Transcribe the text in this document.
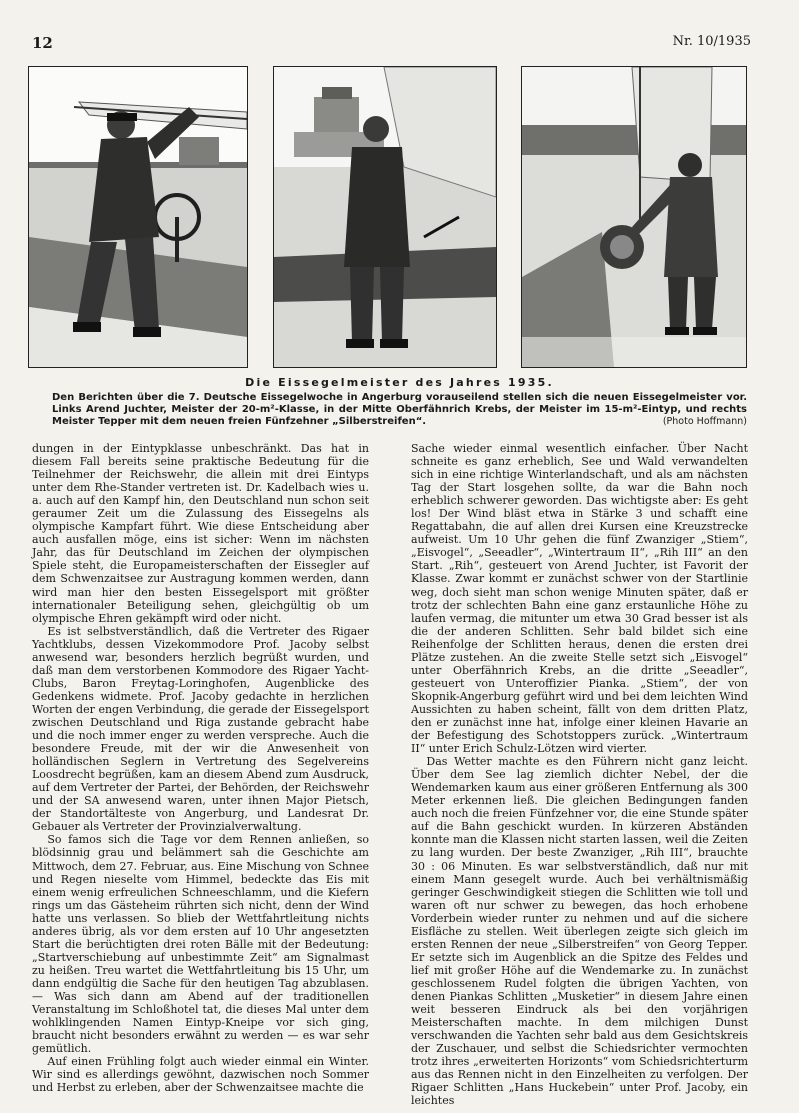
12	Nr. 10/1935
Die Eissegelmeister des Jahres 1935.
Den Berichten über die 7. Deutsche Eissegelwoche in Angerburg vorauseilend stellen sich die neuen Eissegelmeister vor. Links Arend Juchter, Meister der 20-m²-Klasse, in der Mitte Oberfähnrich Krebs, der Meister im 15-m²-Eintyp, und rechts Meister Tepper mit dem neuen freien Fünfzehner „Silberstreifen“.	(Photo Hoffmann)

dungen in der Eintypklasse unbeschränkt. Das hat in diesem Fall bereits seine praktische Bedeutung für die Teilnehmer der Reichswehr, die allein mit drei Eintyps unter dem Rhe-Stander vertreten ist. Dr. Kadelbach wies u. a. auch auf den Kampf hin, den Deutschland nun schon seit geraumer Zeit um die Zulassung des Eissegelns als olympische Kampfart führt. Wie diese Entscheidung aber auch ausfallen möge, eins ist sicher: Wenn im nächsten Jahr, das für Deutschland im Zeichen der olympischen Spiele steht, die Europameisterschaften der Eissegler auf dem Schwenzaitsee zur Austragung kommen werden, dann wird man hier den besten Eissegelsport mit größter internationaler Beteiligung sehen, gleichgültig ob um olympische Ehren gekämpft wird oder nicht.

Es ist selbstverständlich, daß die Vertreter des Rigaer Yachtklubs, dessen Vizekommodore Prof. Jacoby selbst anwesend war, besonders herzlich begrüßt wurden, und daß man dem verstorbenen Kommodore des Rigaer Yacht-Clubs, Baron Freytag-Loringhofen, Augenblicke des Gedenkens widmete. Prof. Jacoby gedachte in herzlichen Worten der engen Verbindung, die gerade der Eissegelsport zwischen Deutschland und Riga zustande gebracht habe und die noch immer enger zu werden verspreche. Auch die besondere Freude, mit der wir die Anwesenheit von holländischen Seglern in Vertretung des Segelvereins Loosdrecht begrüßen, kam an diesem Abend zum Ausdruck, auf dem Vertreter der Partei, der Behörden, der Reichswehr und der SA anwesend waren, unter ihnen Major Pietsch, der Standortälteste von Angerburg, und Landesrat Dr. Gebauer als Vertreter der Provinzialverwaltung.

So famos sich die Tage vor dem Rennen anließen, so blödsinnig grau und belämmert sah die Geschichte am Mittwoch, dem 27. Februar, aus. Eine Mischung von Schnee und Regen nieselte vom Himmel, bedeckte das Eis mit einem wenig erfreulichen Schneeschlamm, und die Kiefern rings um das Gästeheim rührten sich nicht, denn der Wind hatte uns verlassen. So blieb der Wettfahrtleitung nichts anderes übrig, als vor dem ersten auf 10 Uhr angesetzten Start die berüchtigten drei roten Bälle mit der Bedeutung: „Startverschiebung auf unbestimmte Zeit“ am Signalmast zu heißen. Treu wartet die Wettfahrtleitung bis 15 Uhr, um dann endgültig die Sache für den heutigen Tag abzublasen. — Was sich dann am Abend auf der traditionellen Veranstaltung im Schloßhotel tat, die dieses Mal unter dem wohlklingenden Namen Eintyp-Kneipe vor sich ging, braucht nicht besonders erwähnt zu werden — es war sehr gemütlich.

Auf einen Frühling folgt auch wieder einmal ein Winter. Wir sind es allerdings gewöhnt, dazwischen noch Sommer und Herbst zu erleben, aber der Schwenzaitsee machte die

Sache wieder einmal wesentlich einfacher. Über Nacht schneite es ganz erheblich, See und Wald verwandelten sich in eine richtige Winterlandschaft, und als am nächsten Tag der Start losgehen sollte, da war die Bahn noch erheblich schwerer geworden. Das wichtigste aber: Es geht los! Der Wind bläst etwa in Stärke 3 und schafft eine Regattabahn, die auf allen drei Kursen eine Kreuzstrecke aufweist. Um 10 Uhr gehen die fünf Zwanziger „Stiem“, „Eisvogel“, „Seeadler“, „Wintertraum II“, „Rih III“ an den Start. „Rih“, gesteuert von Arend Juchter, ist Favorit der Klasse. Zwar kommt er zunächst schwer von der Startlinie weg, doch sieht man schon wenige Minuten später, daß er trotz der schlechten Bahn eine ganz erstaunliche Höhe zu laufen vermag, die mitunter um etwa 30 Grad besser ist als die der anderen Schlitten. Sehr bald bildet sich eine Reihenfolge der Schlitten heraus, denen die ersten drei Plätze zustehen. An die zweite Stelle setzt sich „Eisvogel“ unter Oberfähnrich Krebs, an die dritte „Seeadler“, gesteuert von Unteroffizier Pianka. „Stiem“, der von Skopnik-Angerburg geführt wird und bei dem leichten Wind Aussichten zu haben scheint, fällt von dem dritten Platz, den er zunächst inne hat, infolge einer kleinen Havarie an der Befestigung des Schotstoppers zurück. „Wintertraum II“ unter Erich Schulz-Lötzen wird vierter.

Das Wetter machte es den Führern nicht ganz leicht. Über dem See lag ziemlich dichter Nebel, der die Wendemarken kaum aus einer größeren Entfernung als 300 Meter erkennen ließ. Die gleichen Bedingungen fanden auch noch die freien Fünfzehner vor, die eine Stunde später auf die Bahn geschickt wurden. In kürzeren Abständen konnte man die Klassen nicht starten lassen, weil die Zeiten zu lang wurden. Der beste Zwanziger, „Rih III“, brauchte 30 : 06 Minuten. Es war selbstverständlich, daß nur mit einem Mann gesegelt wurde. Auch bei verhältnismäßig geringer Geschwindigkeit stiegen die Schlitten wie toll und waren oft nur schwer zu bewegen, das hoch erhobene Vorderbein wieder runter zu nehmen und auf die sichere Eisfläche zu stellen. Weit überlegen zeigte sich gleich im ersten Rennen der neue „Silberstreifen“ von Georg Tepper. Er setzte sich im Augenblick an die Spitze des Feldes und lief mit großer Höhe auf die Wendemarke zu. In zunächst geschlossenem Rudel folgten die übrigen Yachten, von denen Piankas Schlitten „Musketier“ in diesem Jahre einen weit besseren Eindruck als bei den vorjährigen Meisterschaften machte. In dem milchigen Dunst verschwanden die Yachten sehr bald aus dem Gesichtskreis der Zuschauer, und selbst die Schiedsrichter vermochten trotz ihres „erweiterten Horizonts“ vom Schiedsrichterturm aus das Rennen nicht in den Einzelheiten zu verfolgen. Der Rigaer Schlitten „Hans Huckebein“ unter Prof. Jacoby, ein leichtes
